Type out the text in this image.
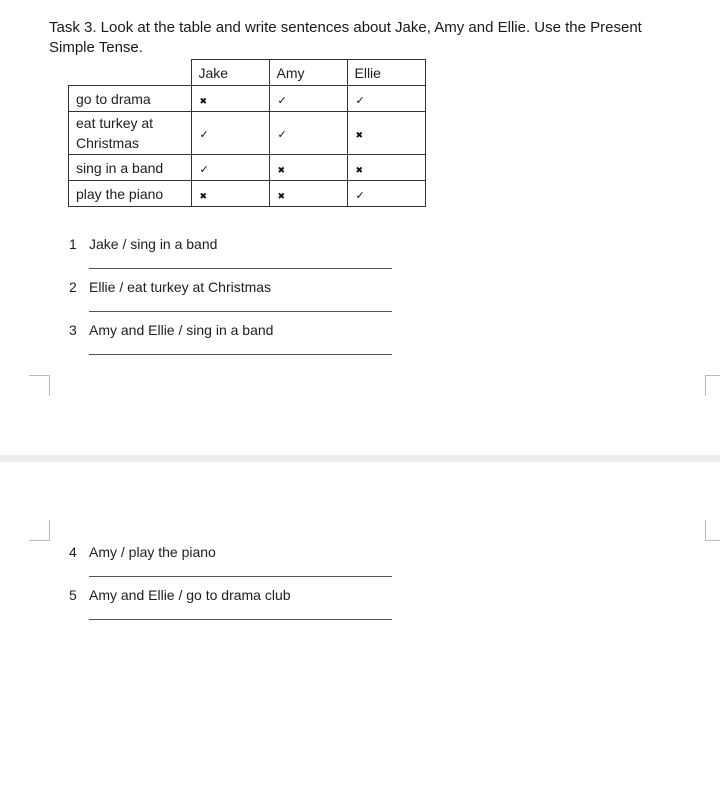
Task 3. Look at the table and write sentences about Jake, Amy and Ellie. Use the Present Simple Tense.
	Jake	Amy	Ellie
go to drama	✖	✓	✓
eat turkey at Christmas	✓	✓	✖
sing in a band	✓	✖	✖
play the piano	✖	✖	✓
1 Jake / sing in a band
2 Ellie / eat turkey at Christmas
3 Amy and Ellie / sing in a band
4 Amy / play the piano
5 Amy and Ellie / go to drama club
